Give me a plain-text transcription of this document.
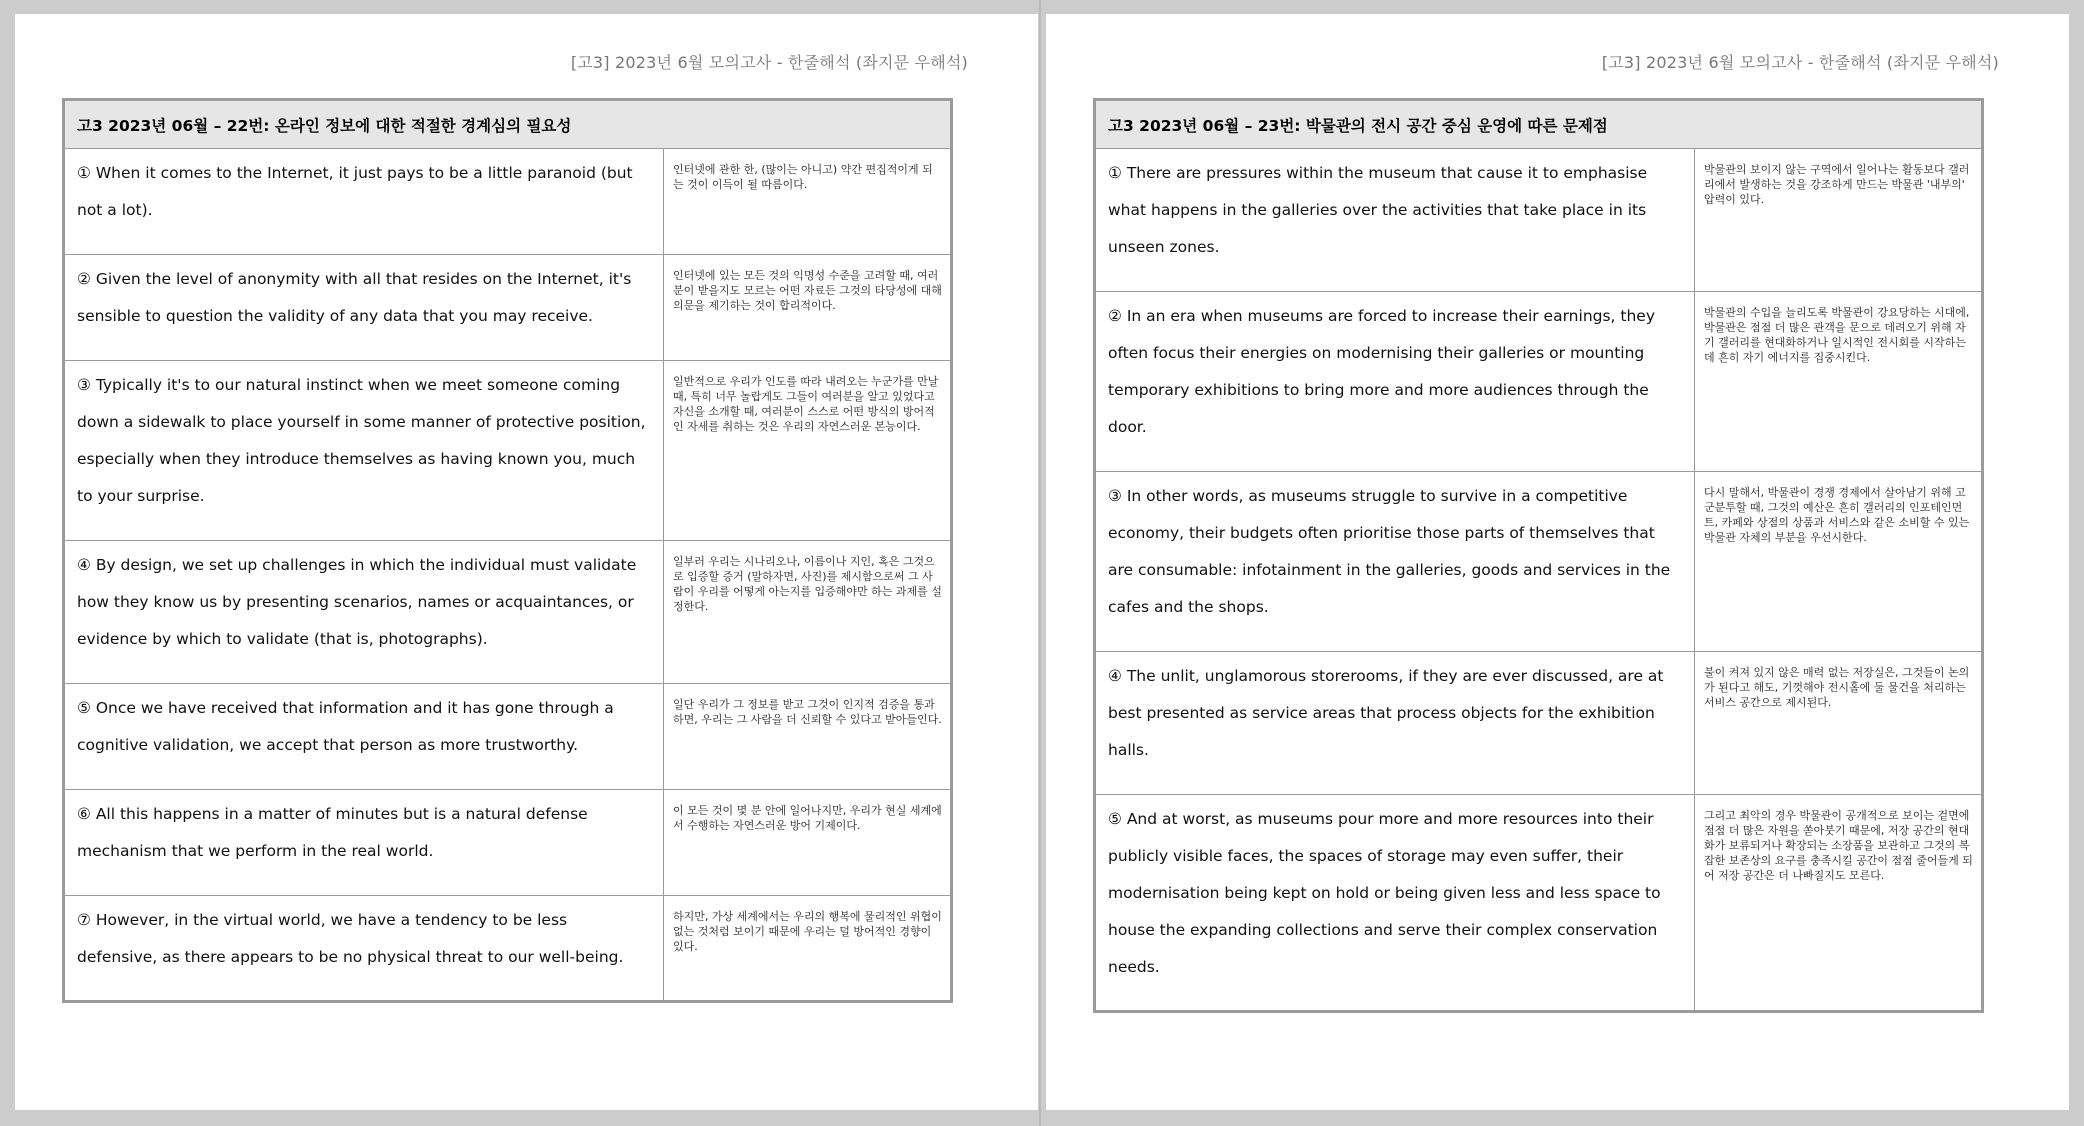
[고3] 2023년 6월 모의고사 - 한줄해석 (좌지문 우해석)
고3 2023년 06월 – 22번: 온라인 정보에 대한 적절한 경계심의 필요성	
① When it comes to the Internet, it just pays to be a little paranoid (but not a lot).	인터넷에 관한 한, (많이는 아니고) 약간 편집적이게 되는 것이 이득이 될 따름이다.
② Given the level of anonymity with all that resides on the Internet, it's sensible to question the validity of any data that you may receive.	인터넷에 있는 모든 것의 익명성 수준을 고려할 때, 여러분이 받을지도 모르는 어떤 자료든 그것의 타당성에 대해 의문을 제기하는 것이 합리적이다.
③ Typically it's to our natural instinct when we meet someone coming down a sidewalk to place yourself in some manner of protective position, especially when they introduce themselves as having known you, much to your surprise.	일반적으로 우리가 인도를 따라 내려오는 누군가를 만날 때, 특히 너무 놀랍게도 그들이 여러분을 알고 있었다고 자신을 소개할 때, 여러분이 스스로 어떤 방식의 방어적인 자세를 취하는 것은 우리의 자연스러운 본능이다.
④ By design, we set up challenges in which the individual must validate how they know us by presenting scenarios, names or acquaintances, or evidence by which to validate (that is, photographs).	일부러 우리는 시나리오나, 이름이나 지인, 혹은 그것으로 입증할 증거 (말하자면, 사진)를 제시함으로써 그 사람이 우리를 어떻게 아는지를 입증해야만 하는 과제를 설정한다.
⑤ Once we have received that information and it has gone through a cognitive validation, we accept that person as more trustworthy.	일단 우리가 그 정보를 받고 그것이 인지적 검증을 통과하면, 우리는 그 사람을 더 신뢰할 수 있다고 받아들인다.
⑥ All this happens in a matter of minutes but is a natural defense mechanism that we perform in the real world.	이 모든 것이 몇 분 안에 일어나지만, 우리가 현실 세계에서 수행하는 자연스러운 방어 기제이다.
⑦ However, in the virtual world, we have a tendency to be less defensive, as there appears to be no physical threat to our well-being.	하지만, 가상 세계에서는 우리의 행복에 물리적인 위협이 없는 것처럼 보이기 때문에 우리는 덜 방어적인 경향이 있다.
[고3] 2023년 6월 모의고사 - 한줄해석 (좌지문 우해석)
고3 2023년 06월 – 23번: 박물관의 전시 공간 중심 운영에 따른 문제점	
① There are pressures within the museum that cause it to emphasise what happens in the galleries over the activities that take place in its unseen zones.	박물관의 보이지 않는 구역에서 일어나는 활동보다 갤러리에서 발생하는 것을 강조하게 만드는 박물관 '내부의' 압력이 있다.
② In an era when museums are forced to increase their earnings, they often focus their energies on modernising their galleries or mounting temporary exhibitions to bring more and more audiences through the door.	박물관의 수입을 늘리도록 박물관이 강요당하는 시대에, 박물관은 점점 더 많은 관객을 문으로 데려오기 위해 자기 갤러리를 현대화하거나 일시적인 전시회를 시작하는 데 흔히 자기 에너지를 집중시킨다.
③ In other words, as museums struggle to survive in a competitive economy, their budgets often prioritise those parts of themselves that are consumable: infotainment in the galleries, goods and services in the cafes and the shops.	다시 말해서, 박물관이 경쟁 경제에서 살아남기 위해 고군분투할 때, 그것의 예산은 흔히 갤러리의 인포테인먼트, 카페와 상점의 상품과 서비스와 같은 소비할 수 있는 박물관 자체의 부분을 우선시한다.
④ The unlit, unglamorous storerooms, if they are ever discussed, are at best presented as service areas that process objects for the exhibition halls.	불이 켜져 있지 않은 매력 없는 저장실은, 그것들이 논의가 된다고 해도, 기껏해야 전시홀에 둘 물건을 처리하는 서비스 공간으로 제시된다.
⑤ And at worst, as museums pour more and more resources into their publicly visible faces, the spaces of storage may even suffer, their modernisation being kept on hold or being given less and less space to house the expanding collections and serve their complex conservation needs.	그리고 최악의 경우 박물관이 공개적으로 보이는 겉면에 점점 더 많은 자원을 쏟아붓기 때문에, 저장 공간의 현대화가 보류되거나 확장되는 소장품을 보관하고 그것의 복잡한 보존상의 요구를 충족시킬 공간이 점점 줄어들게 되어 저장 공간은 더 나빠질지도 모른다.
